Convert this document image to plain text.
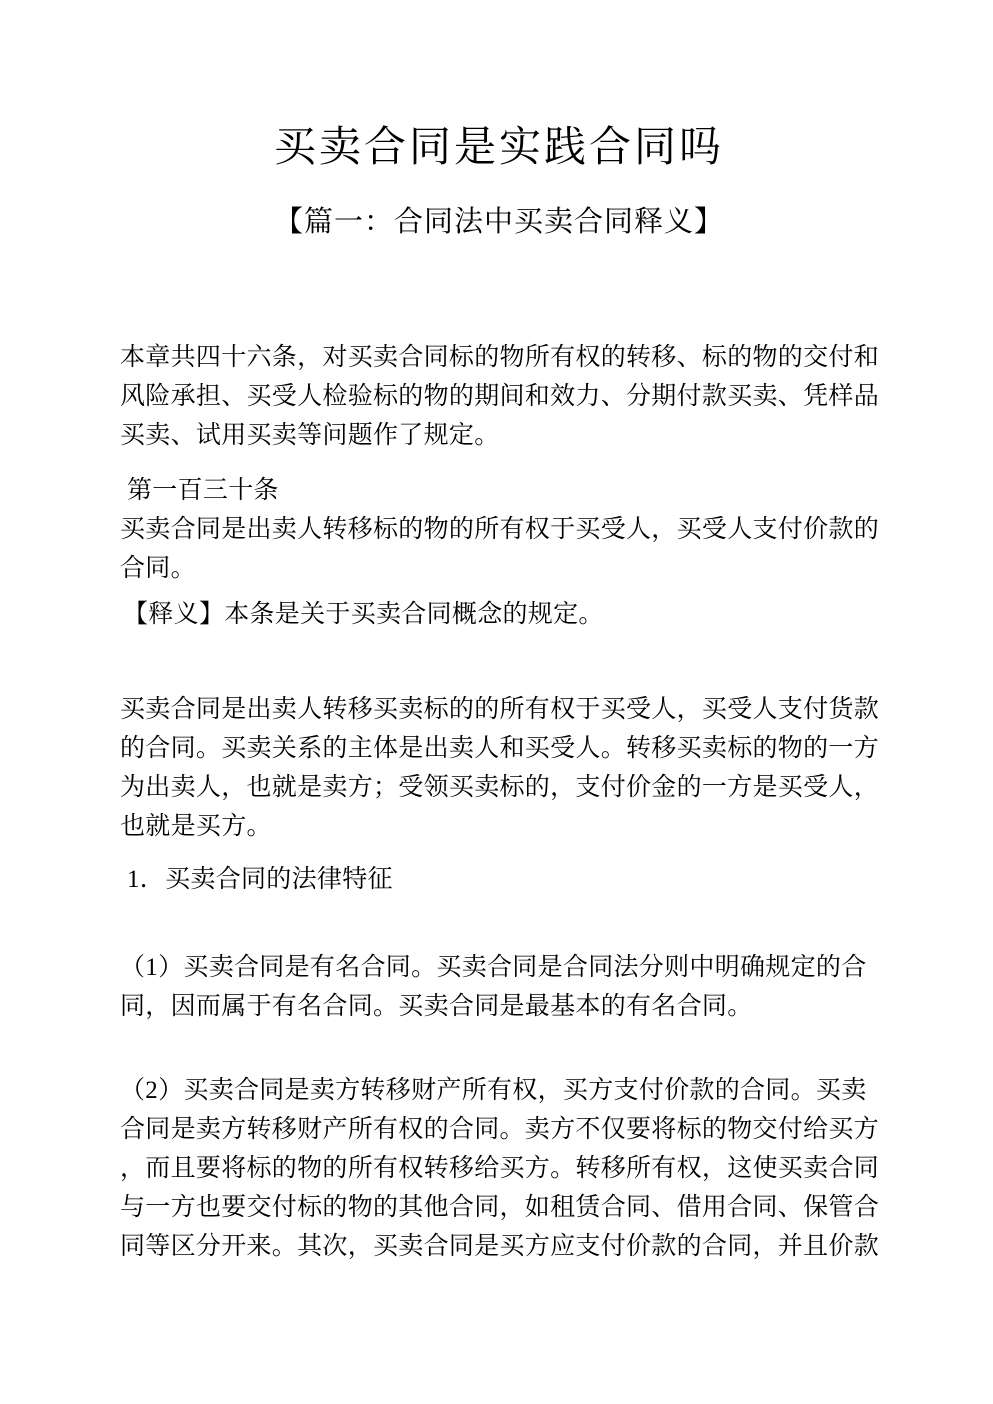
买卖合同是实践合同吗
【篇一：合同法中买卖合同释义】
本章共四十六条，对买卖合同标的物所有权的转移、标的物的交付和
风险承担、买受人检验标的物的期间和效力、分期付款买卖、凭样品
买卖、试用买卖等问题作了规定。
第一百三十条
买卖合同是出卖人转移标的物的所有权于买受人，买受人支付价款的
合同。
【释义】本条是关于买卖合同概念的规定。
买卖合同是出卖人转移买卖标的的所有权于买受人，买受人支付货款
的合同。买卖关系的主体是出卖人和买受人。转移买卖标的物的一方
为出卖人，也就是卖方；受领买卖标的，支付价金的一方是买受人，
也就是买方。
1．买卖合同的法律特征
（1）买卖合同是有名合同。买卖合同是合同法分则中明确规定的合
同，因而属于有名合同。买卖合同是最基本的有名合同。
（2）买卖合同是卖方转移财产所有权，买方支付价款的合同。买卖
合同是卖方转移财产所有权的合同。卖方不仅要将标的物交付给买方
，而且要将标的物的所有权转移给买方。转移所有权，这使买卖合同
与一方也要交付标的物的其他合同，如租赁合同、借用合同、保管合
同等区分开来。其次，买卖合同是买方应支付价款的合同，并且价款
